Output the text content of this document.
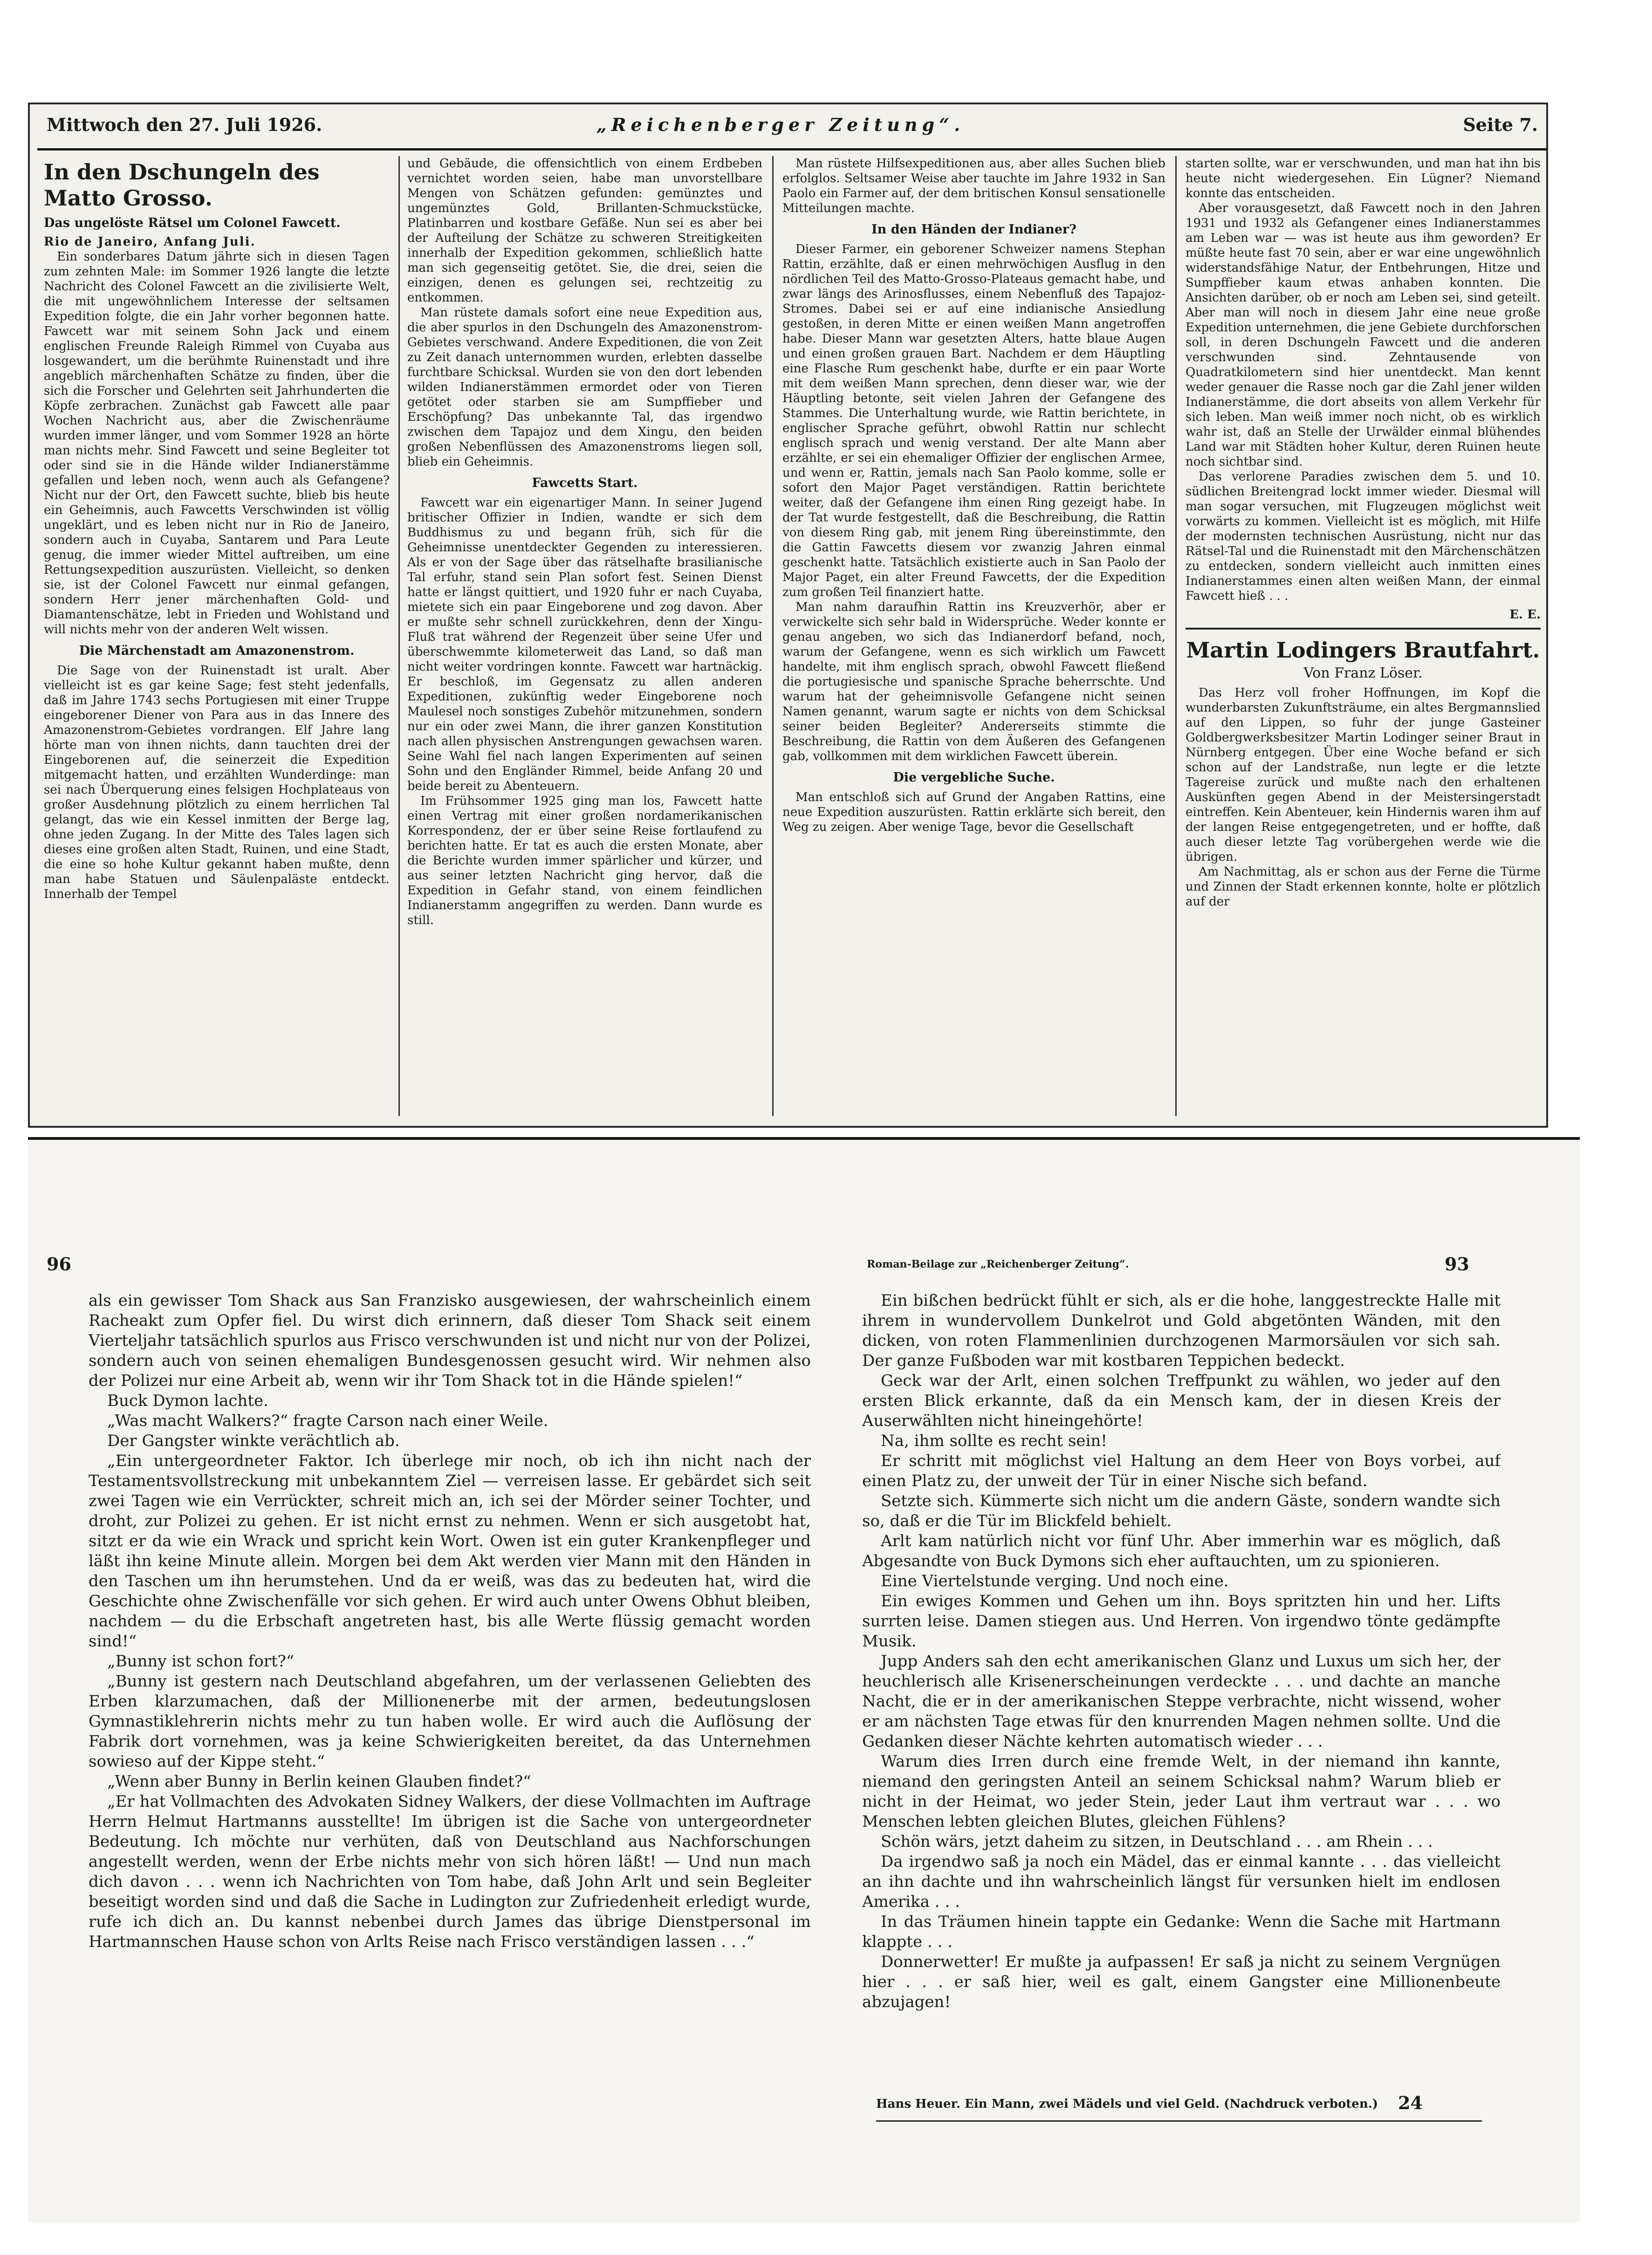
Mittwoch den 27. Juli 1926.	„Reichenberger Zeitung“.	Seite 7.
In den Dschungeln des Matto Grosso.
Das ungelöste Rätsel um Colonel Fawcett.
Rio de Janeiro, Anfang Juli.

Ein sonderbares Datum jährte sich in diesen Tagen zum zehnten Male: im Sommer 1926 langte die letzte Nachricht des Colonel Fawcett an die zivilisierte Welt, die mit ungewöhnlichem Interesse der seltsamen Expedition folgte, die ein Jahr vorher begonnen hatte. Fawcett war mit seinem Sohn Jack und einem englischen Freunde Raleigh Rimmel von Cuyaba aus losgewandert, um die berühmte Ruinenstadt und ihre angeblich märchenhaften Schätze zu finden, über die sich die Forscher und Gelehrten seit Jahrhunderten die Köpfe zerbrachen. Zunächst gab Fawcett alle paar Wochen Nachricht aus, aber die Zwischenräume wurden immer länger, und vom Sommer 1928 an hörte man nichts mehr. Sind Fawcett und seine Begleiter tot oder sind sie in die Hände wilder Indianerstämme gefallen und leben noch, wenn auch als Gefangene? Nicht nur der Ort, den Fawcett suchte, blieb bis heute ein Geheimnis, auch Fawcetts Verschwinden ist völlig ungeklärt, und es leben nicht nur in Rio de Janeiro, sondern auch in Cuyaba, Santarem und Para Leute genug, die immer wieder Mittel auftreiben, um eine Rettungsexpedition auszurüsten. Vielleicht, so denken sie, ist der Colonel Fawcett nur einmal gefangen, sondern Herr jener märchenhaften Gold- und Diamantenschätze, lebt in Frieden und Wohlstand und will nichts mehr von der anderen Welt wissen.

Die Märchenstadt am Amazonenstrom.

Die Sage von der Ruinenstadt ist uralt. Aber vielleicht ist es gar keine Sage; fest steht jedenfalls, daß im Jahre 1743 sechs Portugiesen mit einer Truppe eingeborener Diener von Para aus in das Innere des Amazonenstrom-Gebietes vordrangen. Elf Jahre lang hörte man von ihnen nichts, dann tauchten drei der Eingeborenen auf, die seinerzeit die Expedition mitgemacht hatten, und erzählten Wunderdinge: man sei nach Überquerung eines felsigen Hochplateaus von großer Ausdehnung plötzlich zu einem herrlichen Tal gelangt, das wie ein Kessel inmitten der Berge lag, ohne jeden Zugang. In der Mitte des Tales lagen sich dieses eine großen alten Stadt, Ruinen, und eine Stadt, die eine so hohe Kultur gekannt haben mußte, denn man habe Statuen und Säulenpaläste entdeckt. Innerhalb der Tempel

und Gebäude, die offensichtlich von einem Erdbeben vernichtet worden seien, habe man unvorstellbare Mengen von Schätzen gefunden: gemünztes und ungemünztes Gold, Brillanten-Schmuckstücke, Platinbarren und kostbare Gefäße. Nun sei es aber bei der Aufteilung der Schätze zu schweren Streitigkeiten innerhalb der Expedition gekommen, schließlich hatte man sich gegenseitig getötet. Sie, die drei, seien die einzigen, denen es gelungen sei, rechtzeitig zu entkommen.

Man rüstete damals sofort eine neue Expedition aus, die aber spurlos in den Dschungeln des Amazonenstrom-Gebietes verschwand. Andere Expeditionen, die von Zeit zu Zeit danach unternommen wurden, erlebten dasselbe furchtbare Schicksal. Wurden sie von den dort lebenden wilden Indianerstämmen ermordet oder von Tieren getötet oder starben sie am Sumpffieber und Erschöpfung? Das unbekannte Tal, das irgendwo zwischen dem Tapajoz und dem Xingu, den beiden großen Nebenflüssen des Amazonenstroms liegen soll, blieb ein Geheimnis.

Fawcetts Start.

Fawcett war ein eigenartiger Mann. In seiner Jugend britischer Offizier in Indien, wandte er sich dem Buddhismus zu und begann früh, sich für die Geheimnisse unentdeckter Gegenden zu interessieren. Als er von der Sage über das rätselhafte brasilianische Tal erfuhr, stand sein Plan sofort fest. Seinen Dienst hatte er längst quittiert, und 1920 fuhr er nach Cuyaba, mietete sich ein paar Eingeborene und zog davon. Aber er mußte sehr schnell zurückkehren, denn der Xingu-Fluß trat während der Regenzeit über seine Ufer und überschwemmte kilometerweit das Land, so daß man nicht weiter vordringen konnte. Fawcett war hartnäckig. Er beschloß, im Gegensatz zu allen anderen Expeditionen, zukünftig weder Eingeborene noch Maulesel noch sonstiges Zubehör mitzunehmen, sondern nur ein oder zwei Mann, die ihrer ganzen Konstitution nach allen physischen Anstrengungen gewachsen waren. Seine Wahl fiel nach langen Experimenten auf seinen Sohn und den Engländer Rimmel, beide Anfang 20 und beide bereit zu Abenteuern.

Im Frühsommer 1925 ging man los, Fawcett hatte einen Vertrag mit einer großen nordamerikanischen Korrespondenz, der er über seine Reise fortlaufend zu berichten hatte. Er tat es auch die ersten Monate, aber die Berichte wurden immer spärlicher und kürzer, und aus seiner letzten Nachricht ging hervor, daß die Expedition in Gefahr stand, von einem feindlichen Indianerstamm angegriffen zu werden. Dann wurde es still.

Man rüstete Hilfsexpeditionen aus, aber alles Suchen blieb erfolglos. Seltsamer Weise aber tauchte im Jahre 1932 in San Paolo ein Farmer auf, der dem britischen Konsul sensationelle Mitteilungen machte.

In den Händen der Indianer?

Dieser Farmer, ein geborener Schweizer namens Stephan Rattin, erzählte, daß er einen mehrwöchigen Ausflug in den nördlichen Teil des Matto-Grosso-Plateaus gemacht habe, und zwar längs des Arinosflusses, einem Nebenfluß des Tapajoz-Stromes. Dabei sei er auf eine indianische Ansiedlung gestoßen, in deren Mitte er einen weißen Mann angetroffen habe. Dieser Mann war gesetzten Alters, hatte blaue Augen und einen großen grauen Bart. Nachdem er dem Häuptling eine Flasche Rum geschenkt habe, durfte er ein paar Worte mit dem weißen Mann sprechen, denn dieser war, wie der Häuptling betonte, seit vielen Jahren der Gefangene des Stammes. Die Unterhaltung wurde, wie Rattin berichtete, in englischer Sprache geführt, obwohl Rattin nur schlecht englisch sprach und wenig verstand. Der alte Mann aber erzählte, er sei ein ehemaliger Offizier der englischen Armee, und wenn er, Rattin, jemals nach San Paolo komme, solle er sofort den Major Paget verständigen. Rattin berichtete weiter, daß der Gefangene ihm einen Ring gezeigt habe. In der Tat wurde festgestellt, daß die Beschreibung, die Rattin von diesem Ring gab, mit jenem Ring übereinstimmte, den die Gattin Fawcetts diesem vor zwanzig Jahren einmal geschenkt hatte. Tatsächlich existierte auch in San Paolo der Major Paget, ein alter Freund Fawcetts, der die Expedition zum großen Teil finanziert hatte.

Man nahm daraufhin Rattin ins Kreuzverhör, aber er verwickelte sich sehr bald in Widersprüche. Weder konnte er genau angeben, wo sich das Indianerdorf befand, noch, warum der Gefangene, wenn es sich wirklich um Fawcett handelte, mit ihm englisch sprach, obwohl Fawcett fließend die portugiesische und spanische Sprache beherrschte. Und warum hat der geheimnisvolle Gefangene nicht seinen Namen genannt, warum sagte er nichts von dem Schicksal seiner beiden Begleiter? Andererseits stimmte die Beschreibung, die Rattin von dem Äußeren des Gefangenen gab, vollkommen mit dem wirklichen Fawcett überein.

Die vergebliche Suche.

Man entschloß sich auf Grund der Angaben Rattins, eine neue Expedition auszurüsten. Rattin erklärte sich bereit, den Weg zu zeigen. Aber wenige Tage, bevor die Gesellschaft

starten sollte, war er verschwunden, und man hat ihn bis heute nicht wiedergesehen. Ein Lügner? Niemand konnte das entscheiden.

Aber vorausgesetzt, daß Fawcett noch in den Jahren 1931 und 1932 als Gefangener eines Indianerstammes am Leben war — was ist heute aus ihm geworden? Er müßte heute fast 70 sein, aber er war eine ungewöhnlich widerstandsfähige Natur, der Entbehrungen, Hitze und Sumpffieber kaum etwas anhaben konnten. Die Ansichten darüber, ob er noch am Leben sei, sind geteilt. Aber man will noch in diesem Jahr eine neue große Expedition unternehmen, die jene Gebiete durchforschen soll, in deren Dschungeln Fawcett und die anderen verschwunden sind. Zehntausende von Quadratkilometern sind hier unentdeckt. Man kennt weder genauer die Rasse noch gar die Zahl jener wilden Indianerstämme, die dort abseits von allem Verkehr für sich leben. Man weiß immer noch nicht, ob es wirklich wahr ist, daß an Stelle der Urwälder einmal blühendes Land war mit Städten hoher Kultur, deren Ruinen heute noch sichtbar sind.

Das verlorene Paradies zwischen dem 5. und 10. südlichen Breitengrad lockt immer wieder. Diesmal will man sogar versuchen, mit Flugzeugen möglichst weit vorwärts zu kommen. Vielleicht ist es möglich, mit Hilfe der modernsten technischen Ausrüstung, nicht nur das Rätsel-Tal und die Ruinenstadt mit den Märchenschätzen zu entdecken, sondern vielleicht auch inmitten eines Indianerstammes einen alten weißen Mann, der einmal Fawcett hieß . . .

E. E.
Martin Lodingers Brautfahrt.
Von Franz Löser.

Das Herz voll froher Hoffnungen, im Kopf die wunderbarsten Zukunftsträume, ein altes Bergmannslied auf den Lippen, so fuhr der junge Gasteiner Goldbergwerksbesitzer Martin Lodinger seiner Braut in Nürnberg entgegen. Über eine Woche befand er sich schon auf der Landstraße, nun legte er die letzte Tagereise zurück und mußte nach den erhaltenen Auskünften gegen Abend in der Meistersingerstadt eintreffen. Kein Abenteuer, kein Hindernis waren ihm auf der langen Reise entgegengetreten, und er hoffte, daß auch dieser letzte Tag vorübergehen werde wie die übrigen.

Am Nachmittag, als er schon aus der Ferne die Türme und Zinnen der Stadt erkennen konnte, holte er plötzlich auf der

96	Roman-Beilage zur „Reichenberger Zeitung“.	93

als ein gewisser Tom Shack aus San Franzisko ausgewiesen, der wahrscheinlich einem Racheakt zum Opfer fiel. Du wirst dich erinnern, daß dieser Tom Shack seit einem Vierteljahr tatsächlich spurlos aus Frisco verschwunden ist und nicht nur von der Polizei, sondern auch von seinen ehemaligen Bundesgenossen gesucht wird. Wir nehmen also der Polizei nur eine Arbeit ab, wenn wir ihr Tom Shack tot in die Hände spielen!“

Buck Dymon lachte.

„Was macht Walkers?“ fragte Carson nach einer Weile.

Der Gangster winkte verächtlich ab.

„Ein untergeordneter Faktor. Ich überlege mir noch, ob ich ihn nicht nach der Testamentsvollstreckung mit unbekanntem Ziel — verreisen lasse. Er gebärdet sich seit zwei Tagen wie ein Verrückter, schreit mich an, ich sei der Mörder seiner Tochter, und droht, zur Polizei zu gehen. Er ist nicht ernst zu nehmen. Wenn er sich ausgetobt hat, sitzt er da wie ein Wrack und spricht kein Wort. Owen ist ein guter Krankenpfleger und läßt ihn keine Minute allein. Morgen bei dem Akt werden vier Mann mit den Händen in den Taschen um ihn herumstehen. Und da er weiß, was das zu bedeuten hat, wird die Geschichte ohne Zwischenfälle vor sich gehen. Er wird auch unter Owens Obhut bleiben, nachdem — du die Erbschaft angetreten hast, bis alle Werte flüssig gemacht worden sind!“

„Bunny ist schon fort?“

„Bunny ist gestern nach Deutschland abgefahren, um der verlassenen Geliebten des Erben klarzumachen, daß der Millionenerbe mit der armen, bedeutungslosen Gymnastiklehrerin nichts mehr zu tun haben wolle. Er wird auch die Auflösung der Fabrik dort vornehmen, was ja keine Schwierigkeiten bereitet, da das Unternehmen sowieso auf der Kippe steht.“

„Wenn aber Bunny in Berlin keinen Glauben findet?“

„Er hat Vollmachten des Advokaten Sidney Walkers, der diese Vollmachten im Auftrage Herrn Helmut Hartmanns ausstellte! Im übrigen ist die Sache von untergeordneter Bedeutung. Ich möchte nur verhüten, daß von Deutschland aus Nachforschungen angestellt werden, wenn der Erbe nichts mehr von sich hören läßt! — Und nun mach dich davon . . . wenn ich Nachrichten von Tom habe, daß John Arlt und sein Begleiter beseitigt worden sind und daß die Sache in Ludington zur Zufriedenheit erledigt wurde, rufe ich dich an. Du kannst nebenbei durch James das übrige Dienstpersonal im Hartmannschen Hause schon von Arlts Reise nach Frisco verständigen lassen . . .“

Ein bißchen bedrückt fühlt er sich, als er die hohe, langgestreckte Halle mit ihrem in wundervollem Dunkelrot und Gold abgetönten Wänden, mit den dicken, von roten Flammenlinien durchzogenen Marmorsäulen vor sich sah. Der ganze Fußboden war mit kostbaren Teppichen bedeckt.

Geck war der Arlt, einen solchen Treffpunkt zu wählen, wo jeder auf den ersten Blick erkannte, daß da ein Mensch kam, der in diesen Kreis der Auserwählten nicht hineingehörte!

Na, ihm sollte es recht sein!

Er schritt mit möglichst viel Haltung an dem Heer von Boys vorbei, auf einen Platz zu, der unweit der Tür in einer Nische sich befand.

Setzte sich. Kümmerte sich nicht um die andern Gäste, sondern wandte sich so, daß er die Tür im Blickfeld behielt.

Arlt kam natürlich nicht vor fünf Uhr. Aber immerhin war es möglich, daß Abgesandte von Buck Dymons sich eher auftauchten, um zu spionieren.

Eine Viertelstunde verging. Und noch eine.

Ein ewiges Kommen und Gehen um ihn. Boys spritzten hin und her. Lifts surrten leise. Damen stiegen aus. Und Herren. Von irgendwo tönte gedämpfte Musik.

Jupp Anders sah den echt amerikanischen Glanz und Luxus um sich her, der heuchlerisch alle Krisenerscheinungen verdeckte . . . und dachte an manche Nacht, die er in der amerikanischen Steppe verbrachte, nicht wissend, woher er am nächsten Tage etwas für den knurrenden Magen nehmen sollte. Und die Gedanken dieser Nächte kehrten automatisch wieder . . .

Warum dies Irren durch eine fremde Welt, in der niemand ihn kannte, niemand den geringsten Anteil an seinem Schicksal nahm? Warum blieb er nicht in der Heimat, wo jeder Stein, jeder Laut ihm vertraut war . . . wo Menschen lebten gleichen Blutes, gleichen Fühlens?

Schön wärs, jetzt daheim zu sitzen, in Deutschland . . . am Rhein . . .

Da irgendwo saß ja noch ein Mädel, das er einmal kannte . . . das vielleicht an ihn dachte und ihn wahrscheinlich längst für versunken hielt im endlosen Amerika . . .

In das Träumen hinein tappte ein Gedanke: Wenn die Sache mit Hartmann klappte . . .

Donnerwetter! Er mußte ja aufpassen! Er saß ja nicht zu seinem Vergnügen hier . . . er saß hier, weil es galt, einem Gangster eine Millionenbeute abzujagen!

Hans Heuer. Ein Mann, zwei Mädels und viel Geld. (Nachdruck verboten.) 24
